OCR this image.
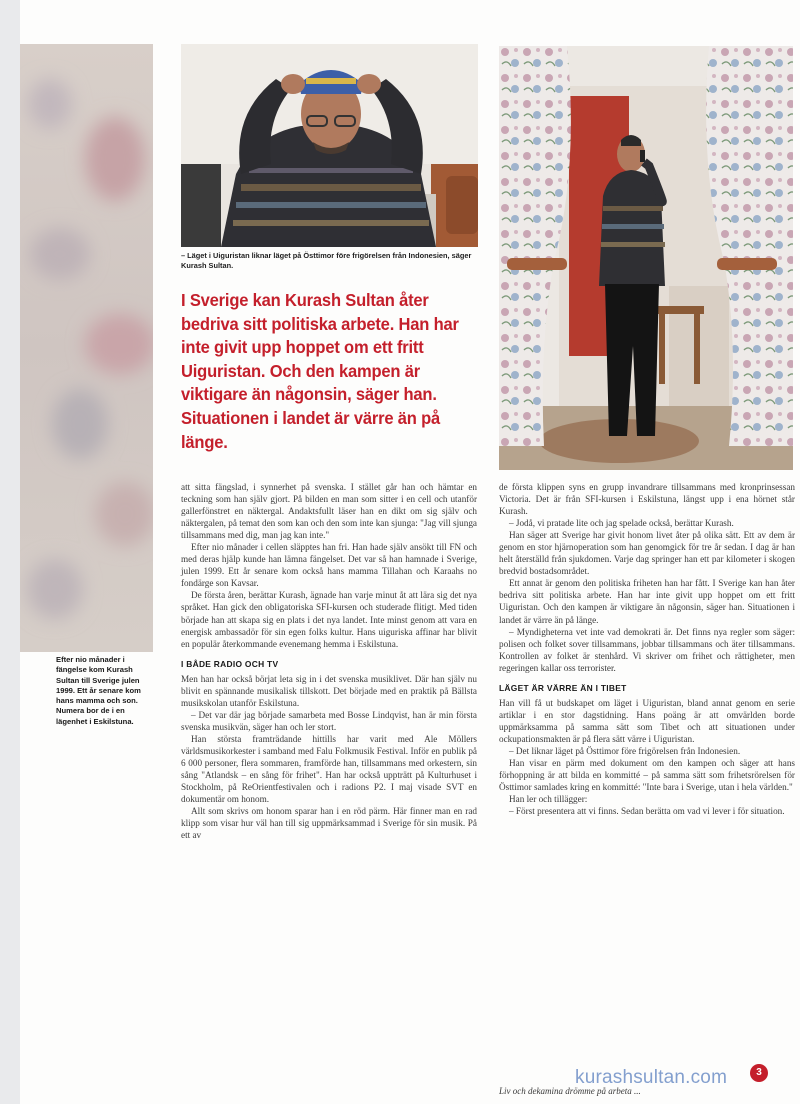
Efter nio månader i fängelse kom Kurash Sultan till Sverige julen 1999. Ett år senare kom hans mamma och son. Numera bor de i en lägenhet i Eskilstuna.
– Läget i Uiguristan liknar läget på Östtimor före frigörelsen från Indonesien, säger Kurash Sultan.
I Sverige kan Kurash Sultan åter bedriva sitt politiska arbete. Han har inte givit upp hoppet om ett fritt Uiguristan. Och den kampen är viktigare än någonsin, säger han. Situationen i landet är värre än på länge.

att sitta fängslad, i synnerhet på svenska. I stället går han och hämtar en teckning som han själv gjort. På bilden en man som sitter i en cell och utanför gallerfönstret en näktergal. Andaktsfullt läser han en dikt om sig själv och näktergalen, på temat den som kan och den som inte kan sjunga: "Jag vill sjunga tillsammans med dig, man jag kan inte."

Efter nio månader i cellen släpptes han fri. Han hade själv ansökt till FN och med deras hjälp kunde han lämna fängelset. Det var så han hamnade i Sverige, julen 1999. Ett år senare kom också hans mamma Tillahan och Karaahs no fondärge son Kavsar.

De första åren, berättar Kurash, ägnade han varje minut åt att lära sig det nya språket. Han gick den obligatoriska SFI-kursen och studerade flitigt. Med tiden började han att skapa sig en plats i det nya landet. Inte minst genom att vara en energisk ambassadör för sin egen folks kultur. Hans uiguriska affinar har blivit en populär återkommande evenemang hemma i Eskilstuna.

I BÅDE RADIO OCH TV

Men han har också börjat leta sig in i det svenska musiklivet. Där han själv nu blivit en spännande musikalisk tillskott. Det började med en praktik på Bällsta musikskolan utanför Eskilstuna.

– Det var där jag började samarbeta med Bosse Lindqvist, han är min första svenska musikvän, säger han och ler stort.

Han största framträdande hittills har varit med Ale Möllers världsmusikorkester i samband med Falu Folkmusik Festival. Inför en publik på 6 000 personer, flera sommaren, framförde han, tillsammans med orkestern, sin sång "Atlandsk – en sång för frihet". Han har också uppträtt på Kulturhuset i Stockholm, på ReOrientfestivalen och i radions P2. I maj visade SVT en dokumentär om honom.

Allt som skrivs om honom sparar han i en röd pärm. Här finner man en rad klipp som visar hur väl han till sig uppmärksammad i Sverige för sin musik. På ett av

de första klippen syns en grupp invandrare tillsammans med kronprinsessan Victoria. Det är från SFI-kursen i Eskilstuna, längst upp i ena hörnet står Kurash.

– Jodå, vi pratade lite och jag spelade också, berättar Kurash.

Han säger att Sverige har givit honom livet åter på olika sätt. Ett av dem är genom en stor hjärnoperation som han genomgick för tre år sedan. I dag är han helt återställd från sjukdomen. Varje dag springer han ett par kilometer i skogen bredvid bostadsområdet.

Ett annat är genom den politiska friheten han har fått. I Sverige kan han åter bedriva sitt politiska arbete. Han har inte givit upp hoppet om ett fritt Uiguristan. Och den kampen är viktigare än någonsin, säger han. Situationen i landet är värre än på länge.

– Myndigheterna vet inte vad demokrati är. Det finns nya regler som säger: polisen och folket sover tillsammans, jobbar tillsammans och äter tillsammans. Kontrollen av folket är stenhård. Vi skriver om frihet och rättigheter, men regeringen kallar oss terrorister.

LÄGET ÄR VÄRRE ÄN I TIBET

Han vill få ut budskapet om läget i Uiguristan, bland annat genom en serie artiklar i en stor dagstidning. Hans poäng är att omvärlden borde uppmärksamma på samma sätt som Tibet och att situationen under ockupationsmakten är på flera sätt värre i Uiguristan.

– Det liknar läget på Östtimor före frigörelsen från Indonesien.

Han visar en pärm med dokument om den kampen och säger att hans förhoppning är att bilda en kommitté – på samma sätt som frihetsrörelsen för Östtimor samlades kring en kommitté: "Inte bara i Sverige, utan i hela världen."

Han ler och tillägger:

– Först presentera att vi finns. Sedan berätta om vad vi lever i för situation.

Liv och dekamina drömme på arbeta ...
kurashsultan.com	3
